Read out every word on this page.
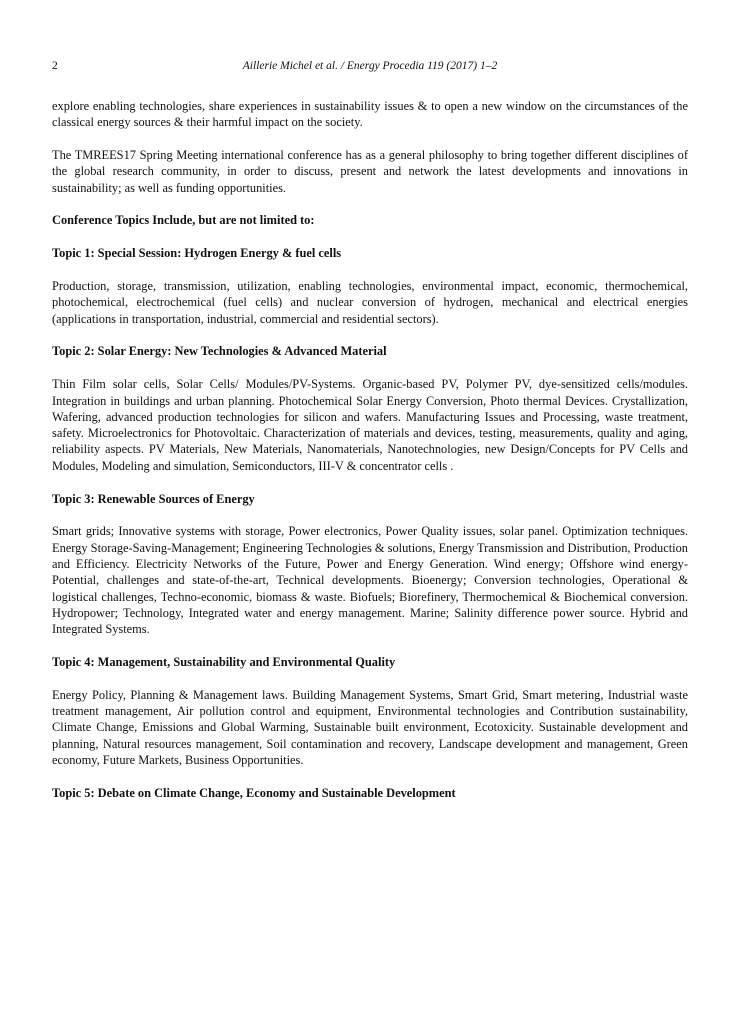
2	Aillerie Michel et al. / Energy Procedia 119 (2017) 1–2

explore enabling technologies, share experiences in sustainability issues & to open a new window on the circumstances of the classical energy sources & their harmful impact on the society.

The TMREES17 Spring Meeting international conference has as a general philosophy to bring together different disciplines of the global research community, in order to discuss, present and network the latest developments and innovations in sustainability; as well as funding opportunities.

Conference Topics Include, but are not limited to:
Topic 1: Special Session: Hydrogen Energy & fuel cells

Production, storage, transmission, utilization, enabling technologies, environmental impact, economic, thermochemical, photochemical, electrochemical (fuel cells) and nuclear conversion of hydrogen, mechanical and electrical energies (applications in transportation, industrial, commercial and residential sectors).

Topic 2: Solar Energy: New Technologies & Advanced Material

Thin Film solar cells, Solar Cells/ Modules/PV-Systems. Organic-based PV, Polymer PV, dye-sensitized cells/modules. Integration in buildings and urban planning. Photochemical Solar Energy Conversion, Photo thermal Devices. Crystallization, Wafering, advanced production technologies for silicon and wafers. Manufacturing Issues and Processing, waste treatment, safety. Microelectronics for Photovoltaic. Characterization of materials and devices, testing, measurements, quality and aging, reliability aspects. PV Materials, New Materials, Nanomaterials, Nanotechnologies, new Design/Concepts for PV Cells and Modules, Modeling and simulation, Semiconductors, III-V & concentrator cells .

Topic 3: Renewable Sources of Energy

Smart grids; Innovative systems with storage, Power electronics, Power Quality issues, solar panel. Optimization techniques. Energy Storage-Saving-Management; Engineering Technologies & solutions, Energy Transmission and Distribution, Production and Efficiency. Electricity Networks of the Future, Power and Energy Generation. Wind energy; Offshore wind energy-Potential, challenges and state-of-the-art, Technical developments. Bioenergy; Conversion technologies, Operational & logistical challenges, Techno-economic, biomass & waste. Biofuels; Biorefinery, Thermochemical & Biochemical conversion. Hydropower; Technology, Integrated water and energy management. Marine; Salinity difference power source. Hybrid and Integrated Systems.

Topic 4: Management, Sustainability and Environmental Quality

Energy Policy, Planning & Management laws. Building Management Systems, Smart Grid, Smart metering, Industrial waste treatment management, Air pollution control and equipment, Environmental technologies and Contribution sustainability, Climate Change, Emissions and Global Warming, Sustainable built environment, Ecotoxicity. Sustainable development and planning, Natural resources management, Soil contamination and recovery, Landscape development and management, Green economy, Future Markets, Business Opportunities.

Topic 5: Debate on Climate Change, Economy and Sustainable Development
